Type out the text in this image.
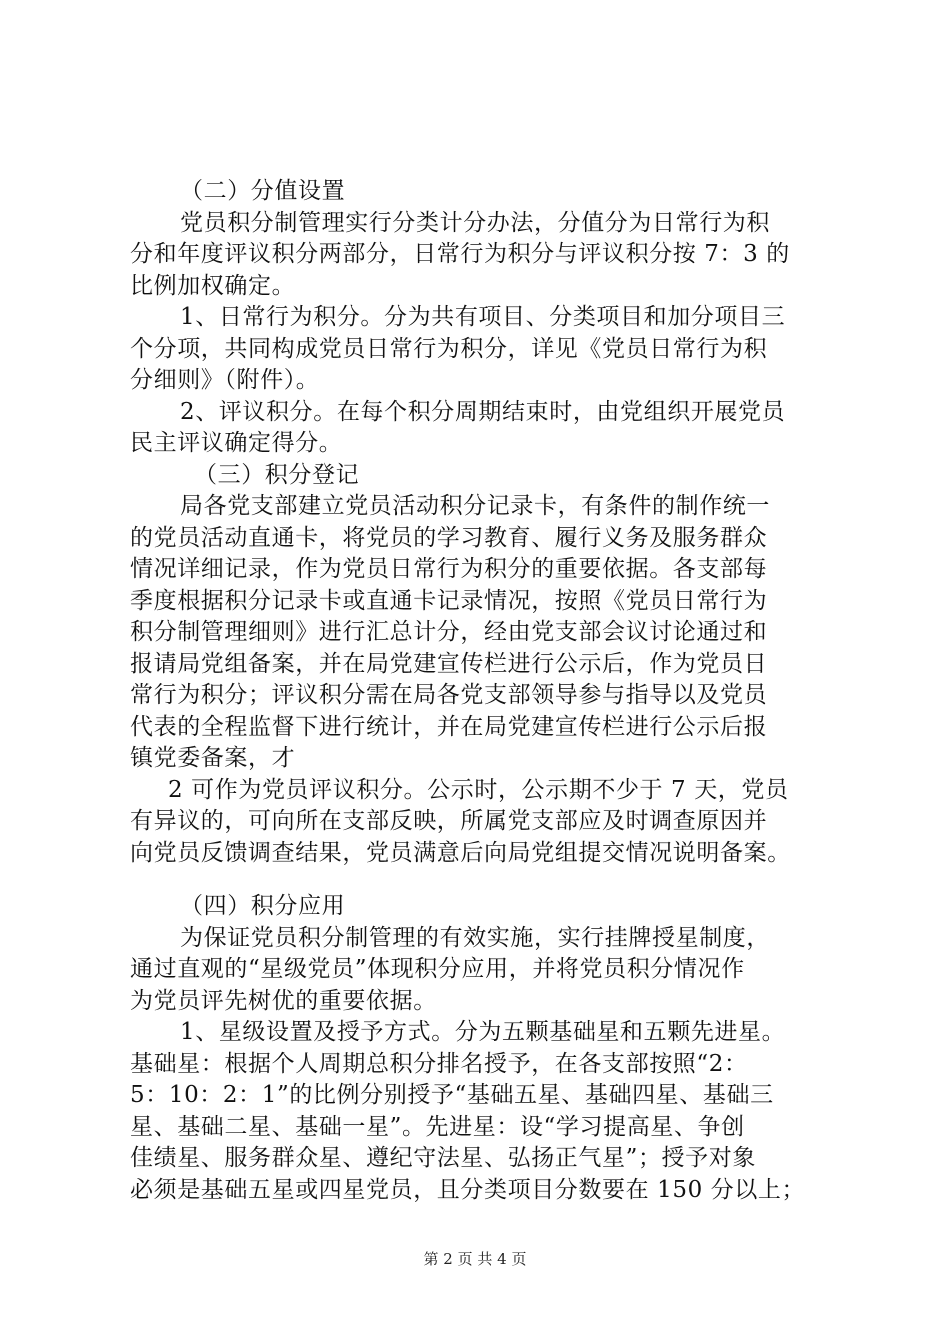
（二）分值设置
党员积分制管理实行分类计分办法，分值分为日常行为积
分和年度评议积分两部分，日常行为积分与评议积分按 7：3 的
比例加权确定。
1、日常行为积分。分为共有项目、分类项目和加分项目三
个分项，共同构成党员日常行为积分，详见《党员日常行为积
分细则》（附件）。
2、评议积分。在每个积分周期结束时，由党组织开展党员
民主评议确定得分。
（三）积分登记
局各党支部建立党员活动积分记录卡，有条件的制作统一
的党员活动直通卡，将党员的学习教育、履行义务及服务群众
情况详细记录，作为党员日常行为积分的重要依据。各支部每
季度根据积分记录卡或直通卡记录情况，按照《党员日常行为
积分制管理细则》进行汇总计分，经由党支部会议讨论通过和
报请局党组备案，并在局党建宣传栏进行公示后，作为党员日
常行为积分；评议积分需在局各党支部领导参与指导以及党员
代表的全程监督下进行统计，并在局党建宣传栏进行公示后报
镇党委备案，才
2 可作为党员评议积分。公示时，公示期不少于 7 天，党员
有异议的，可向所在支部反映，所属党支部应及时调查原因并
向党员反馈调查结果，党员满意后向局党组提交情况说明备案。
（四）积分应用
为保证党员积分制管理的有效实施，实行挂牌授星制度，
通过直观的“星级党员”体现积分应用，并将党员积分情况作
为党员评先树优的重要依据。
1、星级设置及授予方式。分为五颗基础星和五颗先进星。
基础星：根据个人周期总积分排名授予，在各支部按照“2：
5：10：2：1”的比例分别授予“基础五星、基础四星、基础三
星、基础二星、基础一星”。先进星：设“学习提高星、争创
佳绩星、服务群众星、遵纪守法星、弘扬正气星”；授予对象
必须是基础五星或四星党员，且分类项目分数要在 150 分以上；
第 2 页 共 4 页
